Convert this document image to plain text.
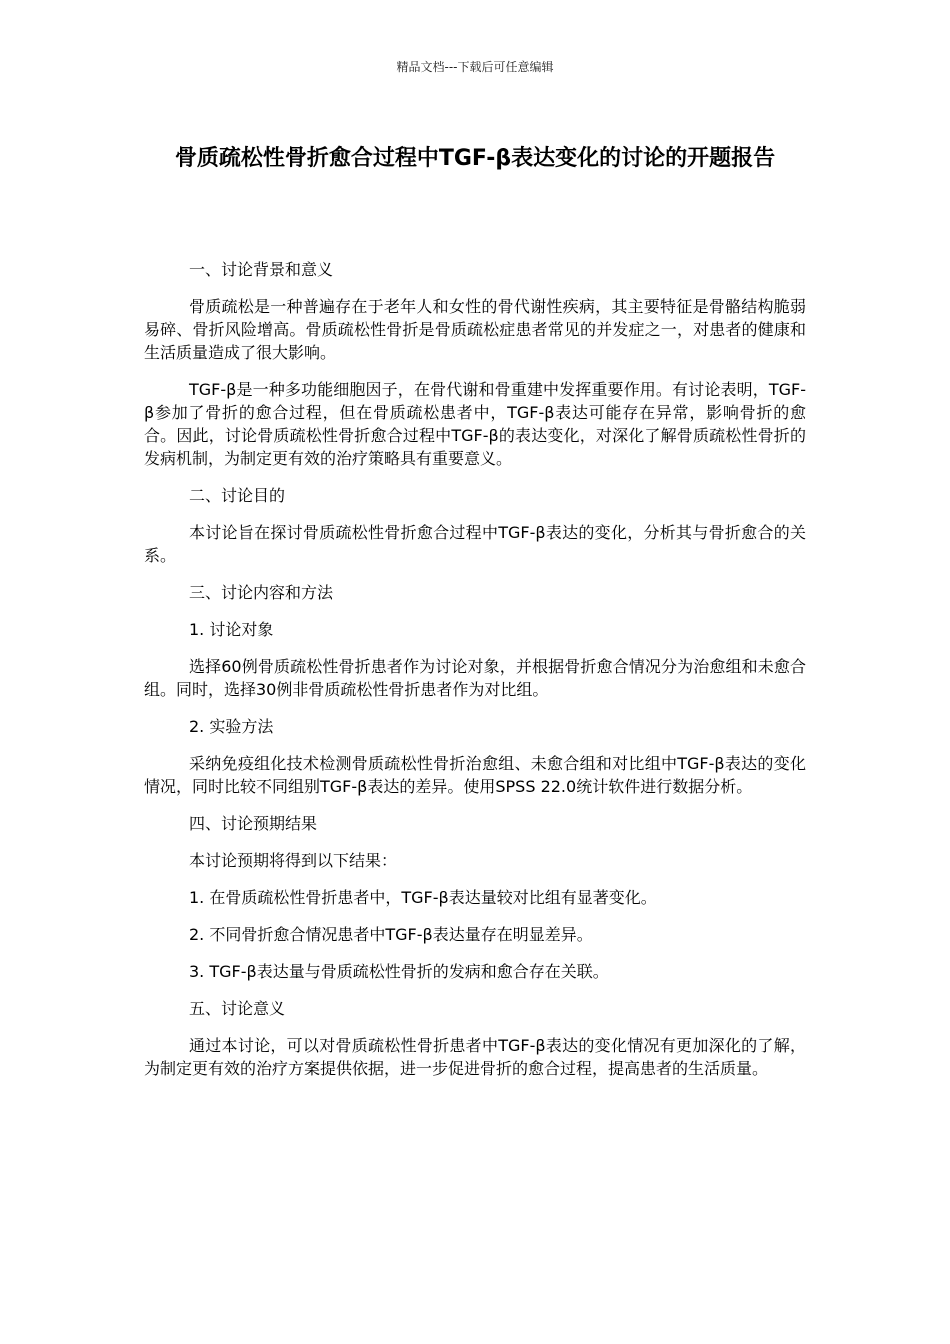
精品文档---下载后可任意编辑
骨质疏松性骨折愈合过程中TGF-β表达变化的讨论的开题报告

一、讨论背景和意义

骨质疏松是一种普遍存在于老年人和女性的骨代谢性疾病，其主要特征是骨骼结构脆弱易碎、骨折风险增高。骨质疏松性骨折是骨质疏松症患者常见的并发症之一，对患者的健康和生活质量造成了很大影响。

TGF-β是一种多功能细胞因子，在骨代谢和骨重建中发挥重要作用。有讨论表明，TGF-β参加了骨折的愈合过程，但在骨质疏松患者中，TGF-β表达可能存在异常，影响骨折的愈合。因此，讨论骨质疏松性骨折愈合过程中TGF-β的表达变化，对深化了解骨质疏松性骨折的发病机制，为制定更有效的治疗策略具有重要意义。

二、讨论目的

本讨论旨在探讨骨质疏松性骨折愈合过程中TGF-β表达的变化，分析其与骨折愈合的关系。

三、讨论内容和方法

1. 讨论对象

选择60例骨质疏松性骨折患者作为讨论对象，并根据骨折愈合情况分为治愈组和未愈合组。同时，选择30例非骨质疏松性骨折患者作为对比组。

2. 实验方法

采纳免疫组化技术检测骨质疏松性骨折治愈组、未愈合组和对比组中TGF-β表达的变化情况，同时比较不同组别TGF-β表达的差异。使用SPSS 22.0统计软件进行数据分析。

四、讨论预期结果

本讨论预期将得到以下结果：

1. 在骨质疏松性骨折患者中，TGF-β表达量较对比组有显著变化。

2. 不同骨折愈合情况患者中TGF-β表达量存在明显差异。

3. TGF-β表达量与骨质疏松性骨折的发病和愈合存在关联。

五、讨论意义

通过本讨论，可以对骨质疏松性骨折患者中TGF-β表达的变化情况有更加深化的了解，为制定更有效的治疗方案提供依据，进一步促进骨折的愈合过程，提高患者的生活质量。
